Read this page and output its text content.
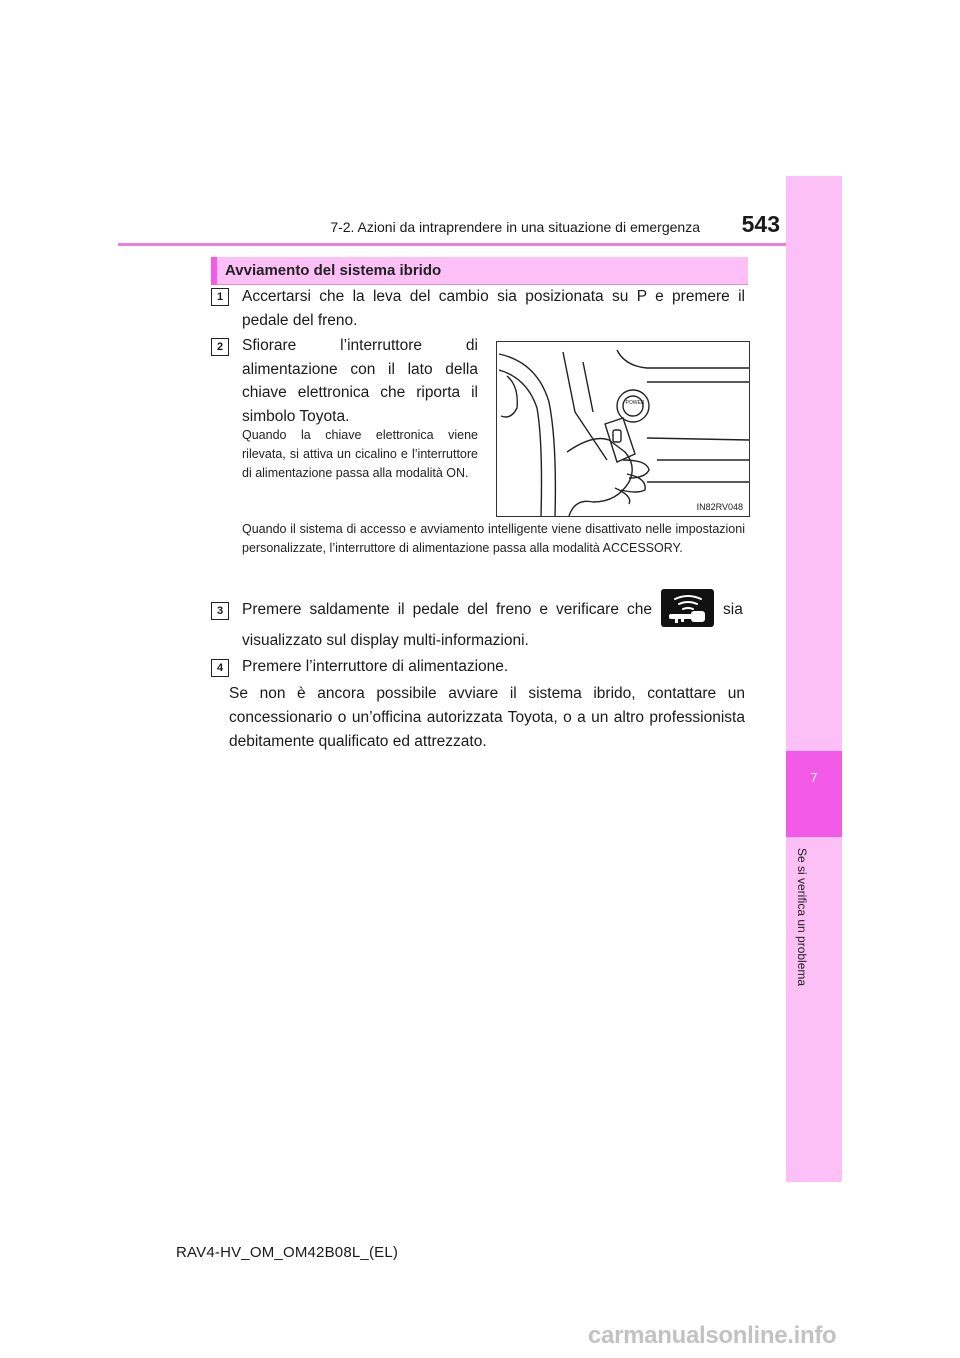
7-2. Azioni da intraprendere in una situazione di emergenza	543
7
Se si verifica un problema
Avviamento del sistema ibrido
1	Accertarsi che la leva del cambio sia posizionata su P e premere il pedale del freno.
2	Sfiorare l’interruttore di alimentazione con il lato della chiave elettronica che riporta il simbolo Toyota.
Quando la chiave elettronica viene rilevata, si attiva un cicalino e l’interruttore di alimentazione passa alla modalità ON.
Quando il sistema di accesso e avviamento intelligente viene disattivato nelle impostazioni personalizzate, l’interruttore di alimentazione passa alla modalità ACCESSORY.
POWER
IN82RV048
3	Premere saldamente il pedale del freno e verificare che	sia
visualizzato sul display multi-informazioni.
4	Premere l’interruttore di alimentazione.
Se non è ancora possibile avviare il sistema ibrido, contattare un concessionario o un’officina autorizzata Toyota, o a un altro professionista debitamente qualificato ed attrezzato.
RAV4-HV_OM_OM42B08L_(EL)
carmanualsonline.info
